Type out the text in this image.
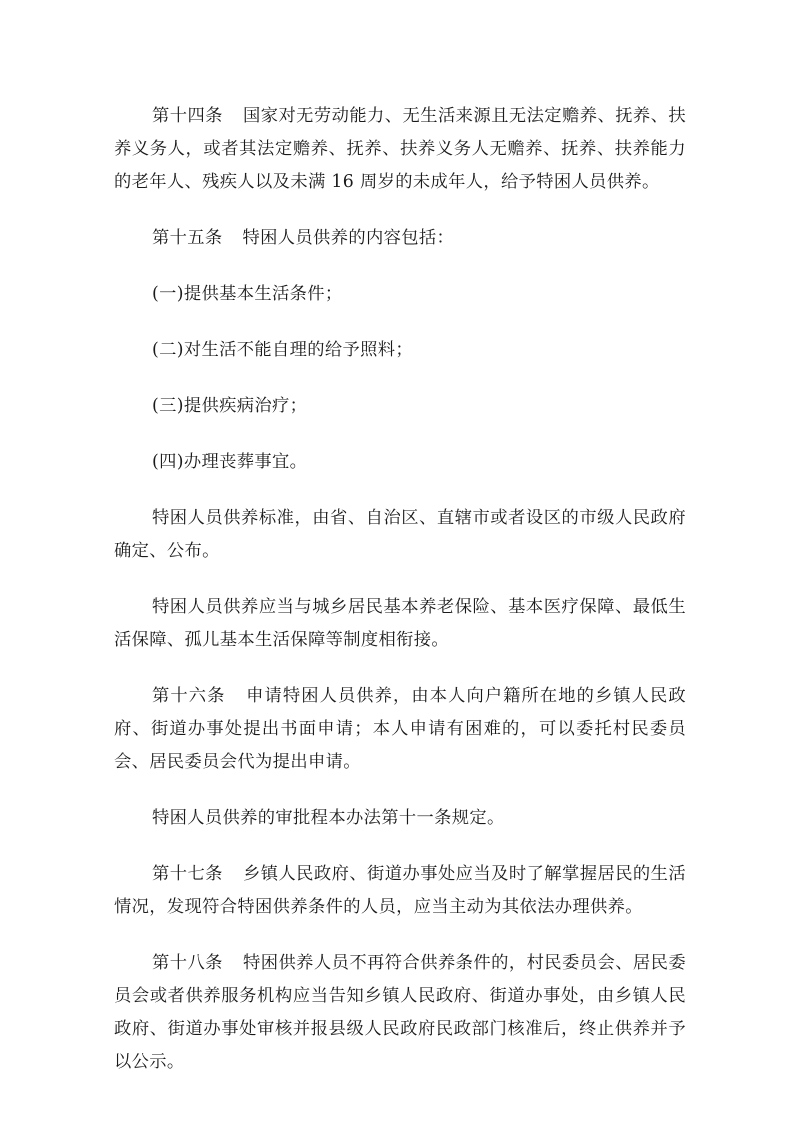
第十四条 国家对无劳动能力、无生活来源且无法定赡养、抚养、扶养义务人，或者其法定赡养、抚养、扶养义务人无赡养、抚养、扶养能力的老年人、残疾人以及未满 16 周岁的未成年人，给予特困人员供养。

第十五条 特困人员供养的内容包括：

(一)提供基本生活条件；

(二)对生活不能自理的给予照料；

(三)提供疾病治疗；

(四)办理丧葬事宜。

特困人员供养标准，由省、自治区、直辖市或者设区的市级人民政府确定、公布。

特困人员供养应当与城乡居民基本养老保险、基本医疗保障、最低生活保障、孤儿基本生活保障等制度相衔接。

第十六条 申请特困人员供养，由本人向户籍所在地的乡镇人民政府、街道办事处提出书面申请；本人申请有困难的，可以委托村民委员会、居民委员会代为提出申请。

特困人员供养的审批程本办法第十一条规定。

第十七条 乡镇人民政府、街道办事处应当及时了解掌握居民的生活情况，发现符合特困供养条件的人员，应当主动为其依法办理供养。

第十八条 特困供养人员不再符合供养条件的，村民委员会、居民委员会或者供养服务机构应当告知乡镇人民政府、街道办事处，由乡镇人民政府、街道办事处审核并报县级人民政府民政部门核准后，终止供养并予以公示。
